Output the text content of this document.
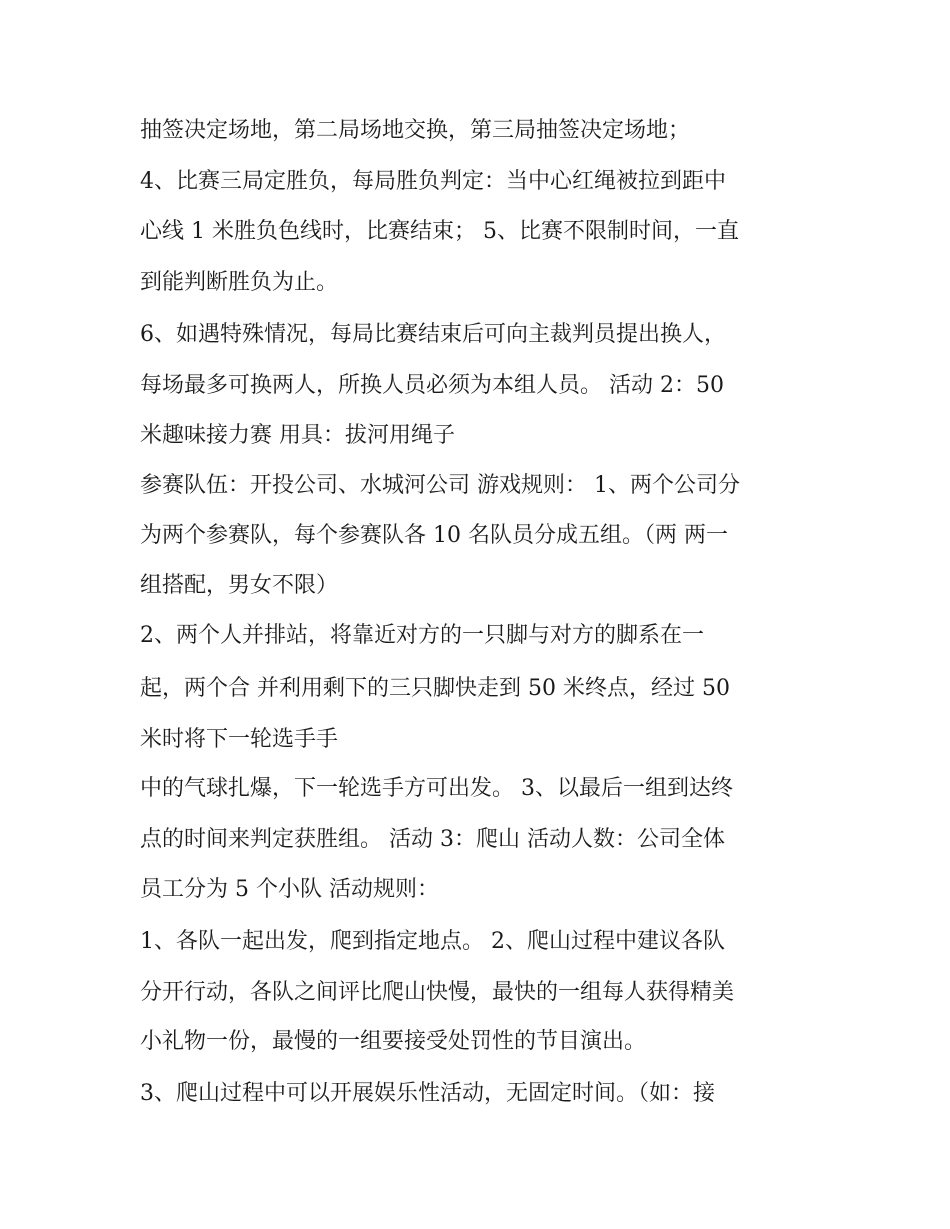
抽签决定场地，第二局场地交换，第三局抽签决定场地；

4、比赛三局定胜负，每局胜负判定：当中心红绳被拉到距中

心线 1 米胜负色线时，比赛结束； 5、比赛不限制时间，一直

到能判断胜负为止。

6、如遇特殊情况，每局比赛结束后可向主裁判员提出换人，

每场最多可换两人，所换人员必须为本组人员。 活动 2：50

米趣味接力赛 用具：拔河用绳子

参赛队伍：开投公司、水城河公司 游戏规则： 1、两个公司分

为两个参赛队，每个参赛队各 10 名队员分成五组。（两 两一

组搭配，男女不限）

2、两个人并排站，将靠近对方的一只脚与对方的脚系在一

起，两个合 并利用剩下的三只脚快走到 50 米终点，经过 50

米时将下一轮选手手

中的气球扎爆，下一轮选手方可出发。 3、以最后一组到达终

点的时间来判定获胜组。 活动 3：爬山 活动人数：公司全体

员工分为 5 个小队 活动规则：

1、各队一起出发，爬到指定地点。 2、爬山过程中建议各队

分开行动，各队之间评比爬山快慢，最快的一组每人获得精美

小礼物一份，最慢的一组要接受处罚性的节目演出。

3、爬山过程中可以开展娱乐性活动，无固定时间。（如：接
